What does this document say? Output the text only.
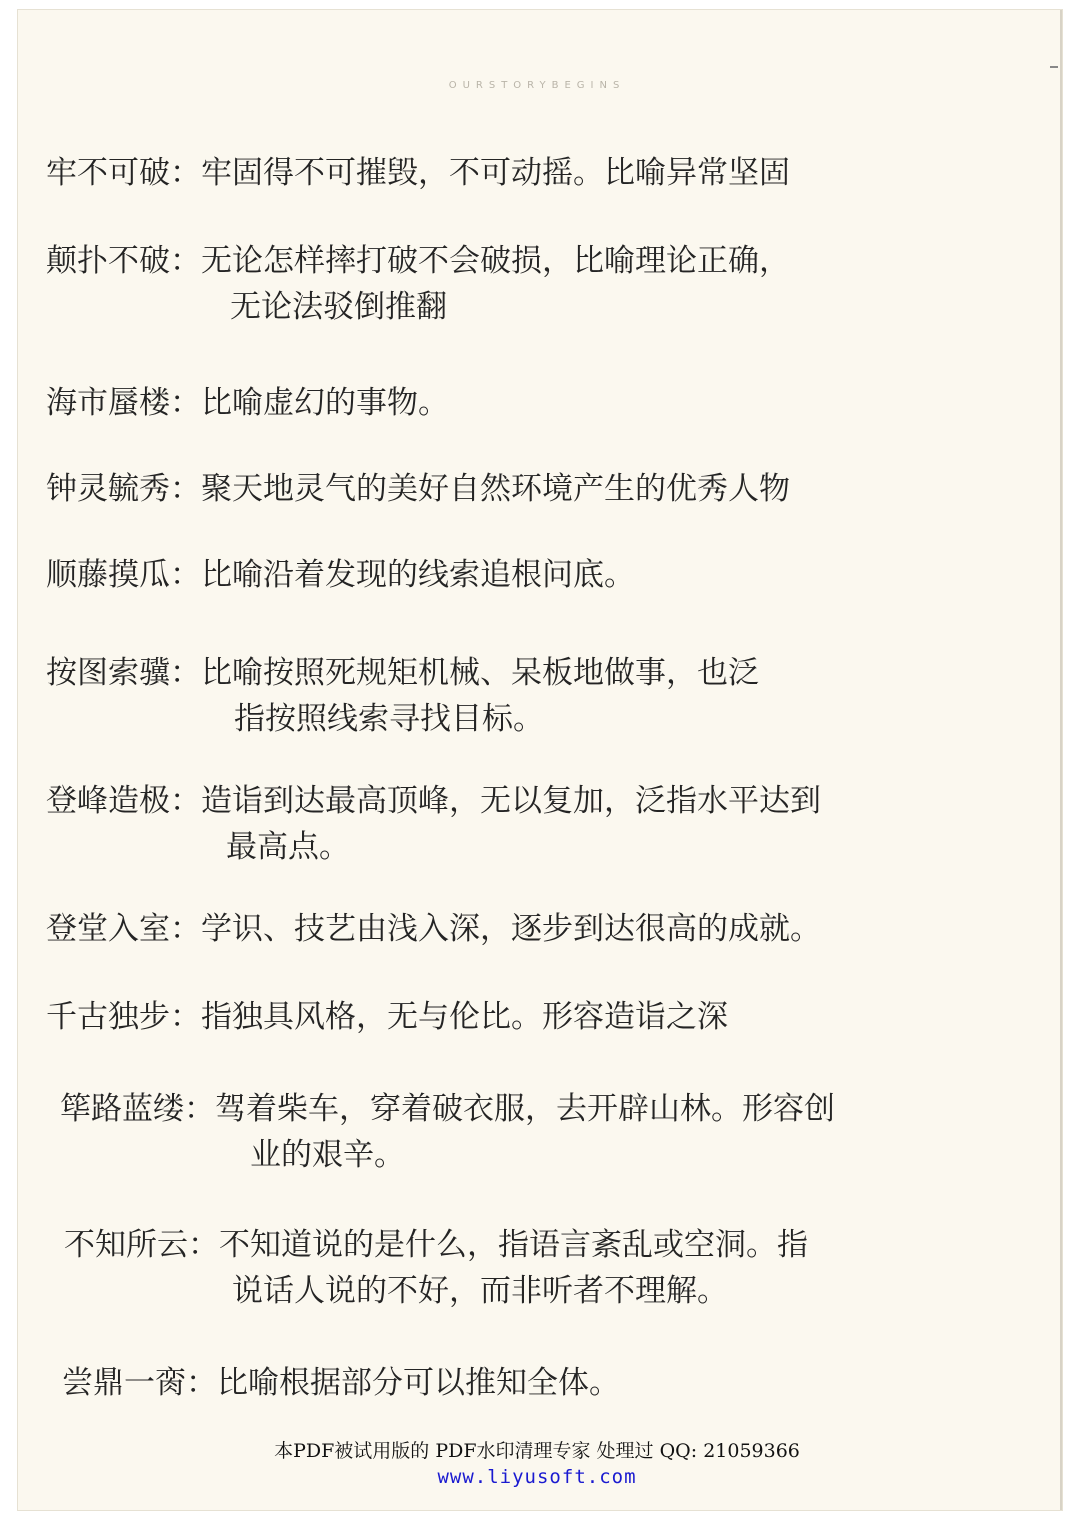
OURSTORYBEGINS
牢不可破：牢固得不可摧毁，不可动摇。比喻异常坚固
颠扑不破：无论怎样摔打破不会破损，比喻理论正确，
无论法驳倒推翻
海市蜃楼：比喻虚幻的事物。
钟灵毓秀：聚天地灵气的美好自然环境产生的优秀人物
顺藤摸瓜：比喻沿着发现的线索追根问底。
按图索骥：比喻按照死规矩机械、呆板地做事，也泛
指按照线索寻找目标。
登峰造极：造诣到达最高顶峰，无以复加，泛指水平达到
最高点。
登堂入室：学识、技艺由浅入深，逐步到达很高的成就。
千古独步：指独具风格，无与伦比。形容造诣之深
筚路蓝缕：驾着柴车，穿着破衣服，去开辟山林。形容创
业的艰辛。
不知所云：不知道说的是什么，指语言紊乱或空洞。指
说话人说的不好，而非听者不理解。
尝鼎一脔：比喻根据部分可以推知全体。
本PDF被试用版的 PDF水印清理专家 处理过 QQ: 21059366
www.liyusoft.com
